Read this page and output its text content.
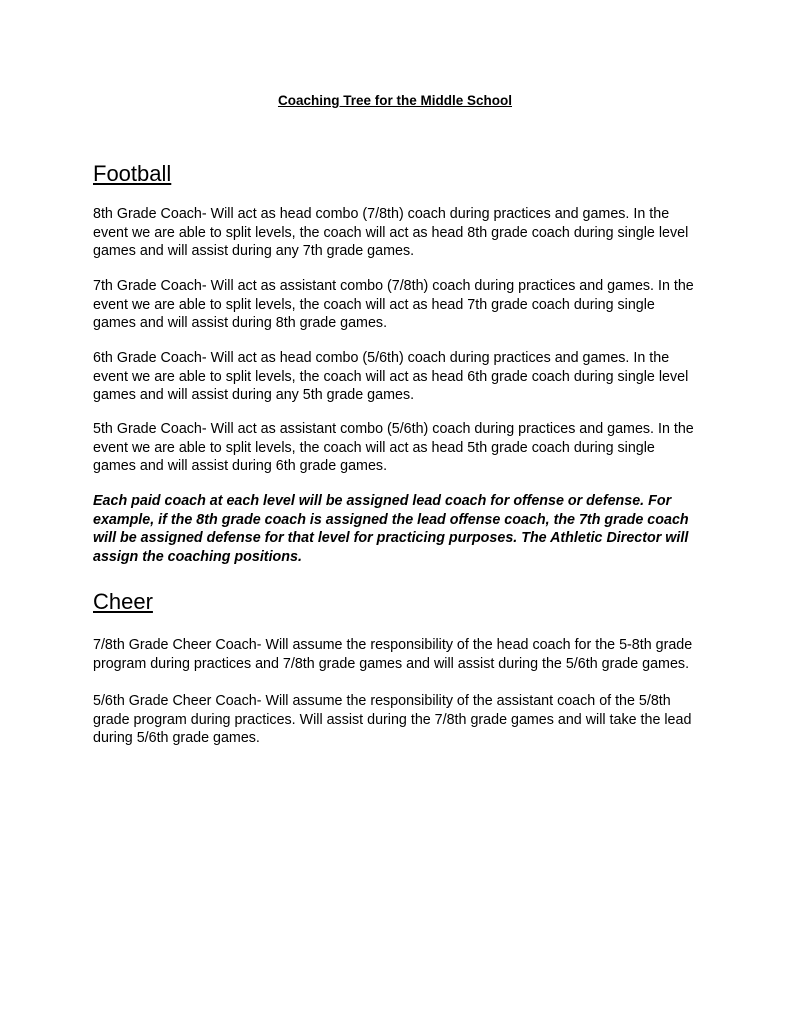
Coaching Tree for the Middle School
Football

8th Grade Coach- Will act as head combo (7/8th) coach during practices and games. In the event we are able to split levels, the coach will act as head 8th grade coach during single level games and will assist during any 7th grade games.

7th Grade Coach- Will act as assistant combo (7/8th) coach during practices and games. In the event we are able to split levels, the coach will act as head 7th grade coach during single games and will assist during 8th grade games.

6th Grade Coach- Will act as head combo (5/6th) coach during practices and games. In the event we are able to split levels, the coach will act as head 6th grade coach during single level games and will assist during any 5th grade games.

5th Grade Coach- Will act as assistant combo (5/6th) coach during practices and games. In the event we are able to split levels, the coach will act as head 5th grade coach during single games and will assist during 6th grade games.

Each paid coach at each level will be assigned lead coach for offense or defense. For example, if the 8th grade coach is assigned the lead offense coach, the 7th grade coach will be assigned defense for that level for practicing purposes. The Athletic Director will assign the coaching positions.

Cheer

7/8th Grade Cheer Coach- Will assume the responsibility of the head coach for the 5-8th grade program during practices and 7/8th grade games and will assist during the 5/6th grade games.

5/6th Grade Cheer Coach- Will assume the responsibility of the assistant coach of the 5/8th grade program during practices. Will assist during the 7/8th grade games and will take the lead during 5/6th grade games.
